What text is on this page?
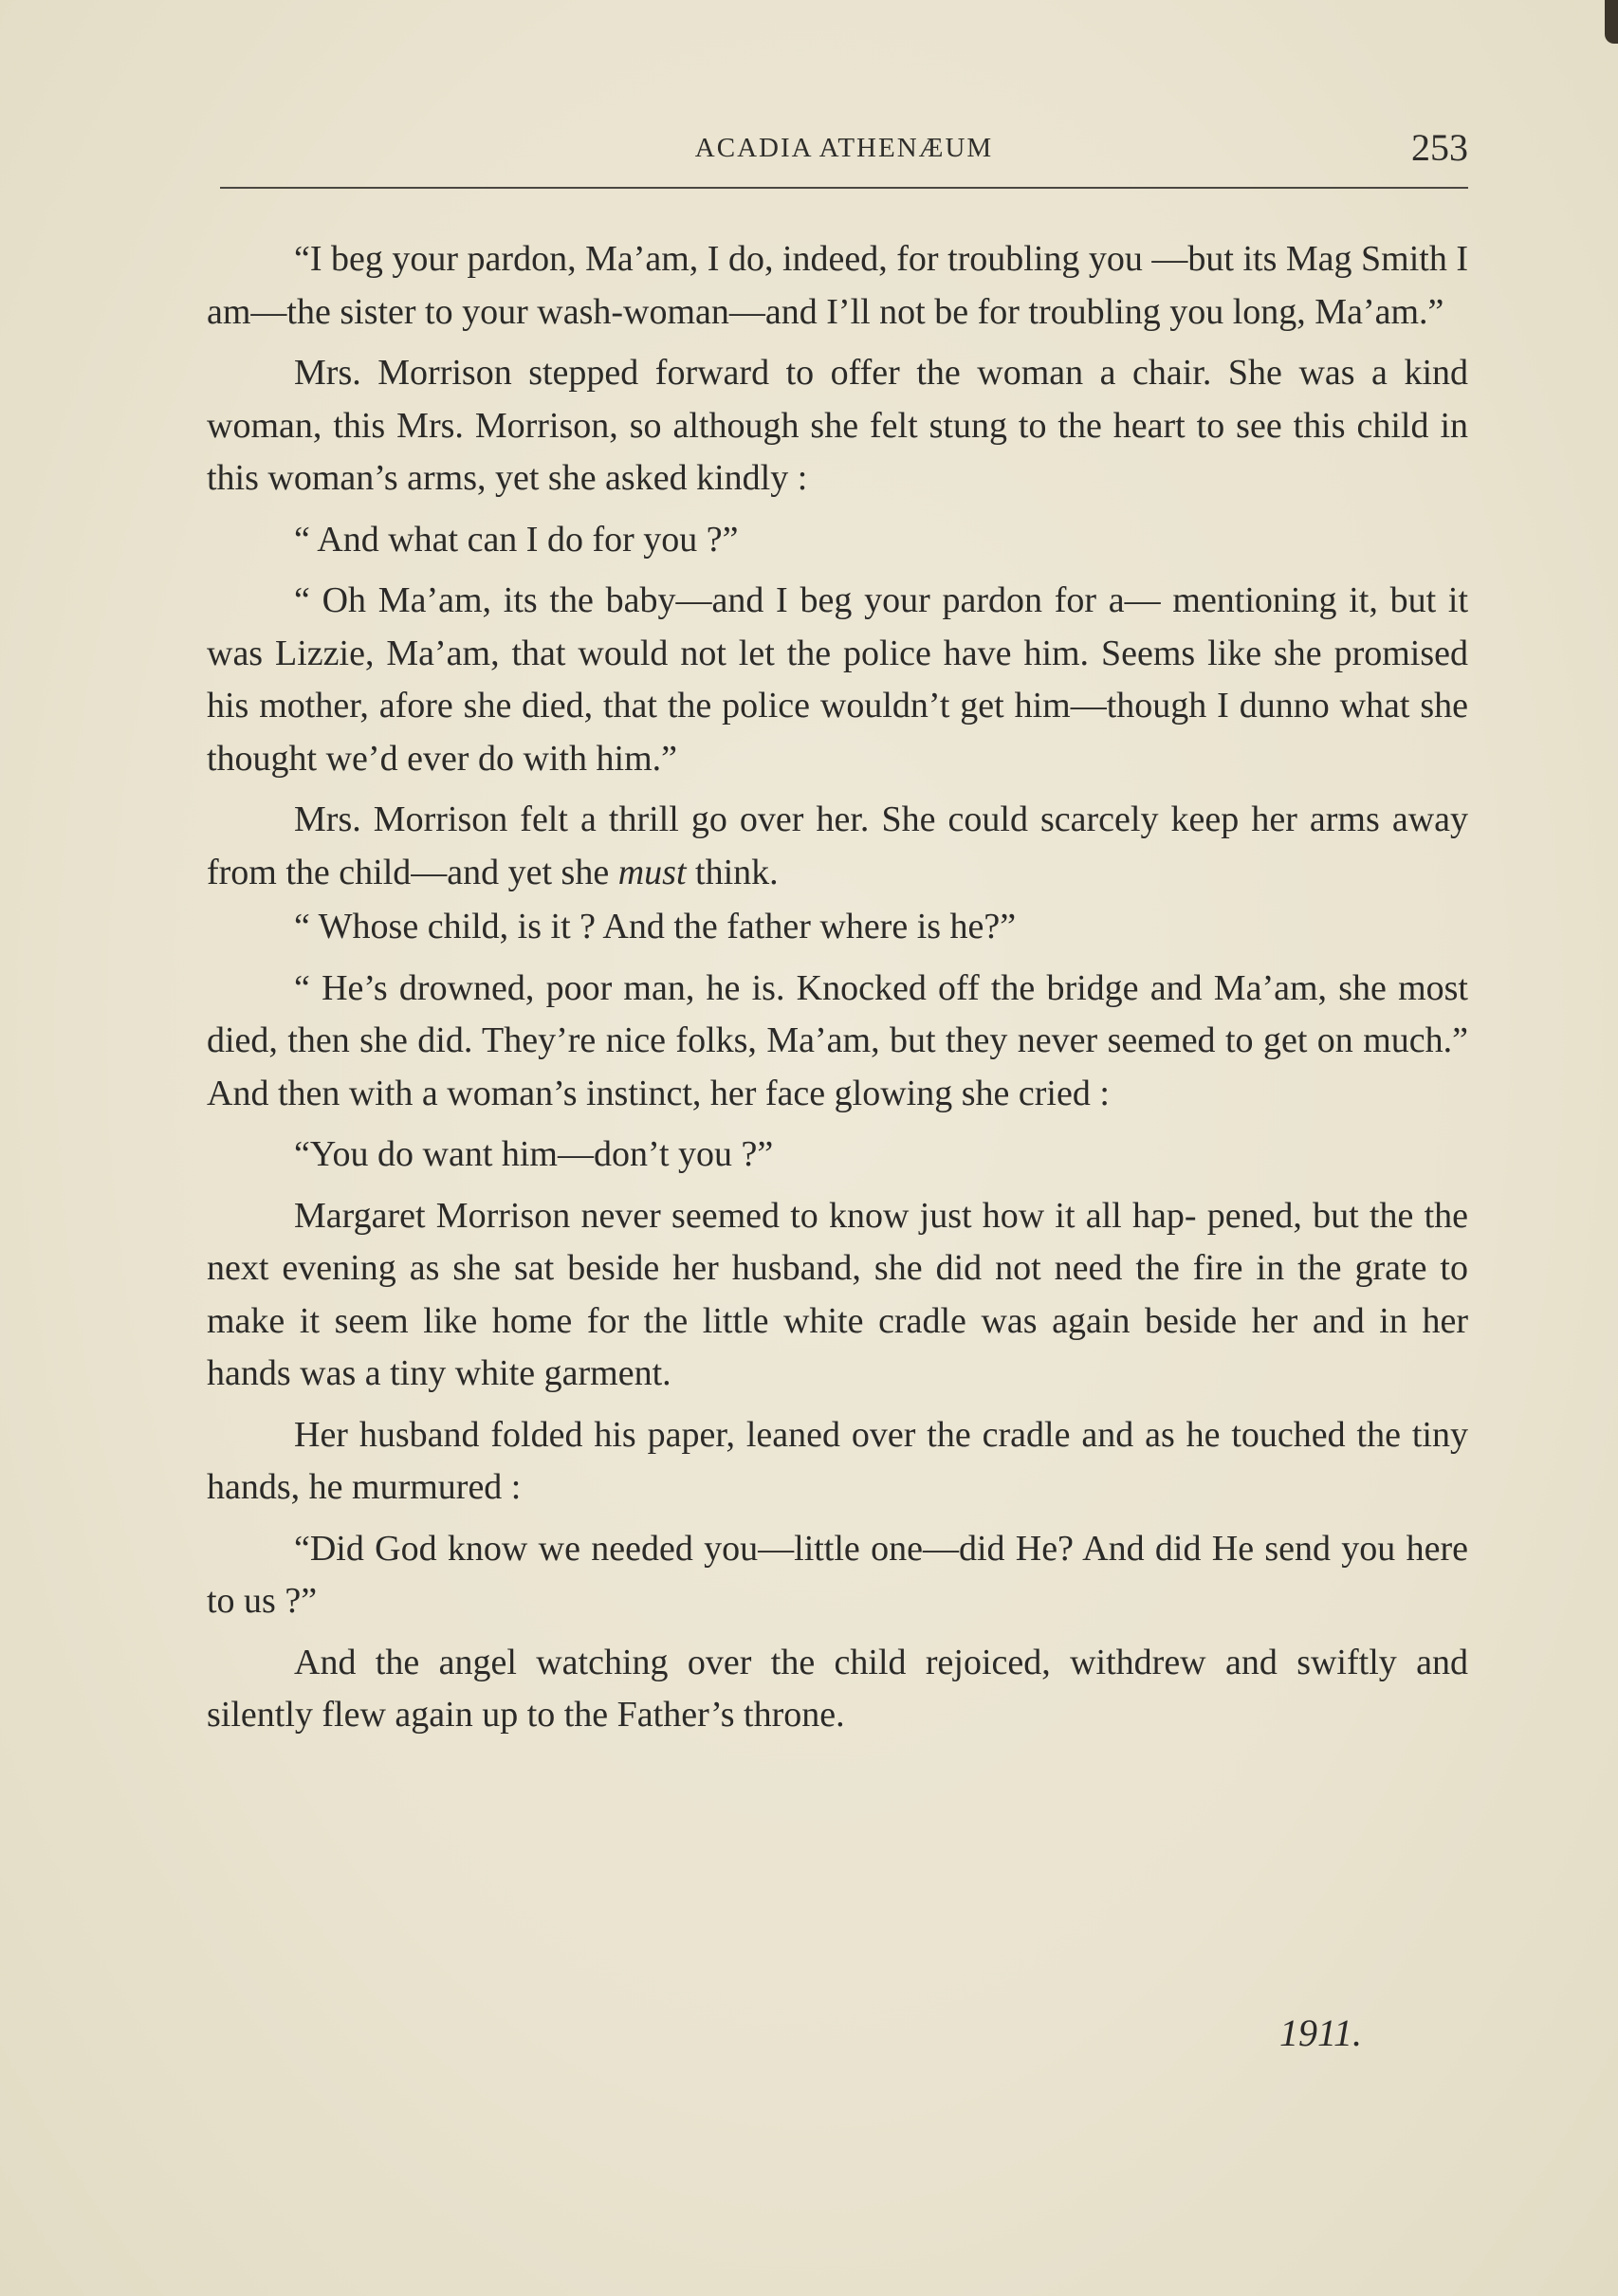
ACADIA ATHENÆUM	253

“I beg your pardon, Ma’am, I do, indeed, for troubling you —but its Mag Smith I am—the sister to your wash-woman—and I’ll not be for troubling you long, Ma’am.”

Mrs. Morrison stepped forward to offer the woman a chair. She was a kind woman, this Mrs. Morrison, so although she felt stung to the heart to see this child in this woman’s arms, yet she asked kindly :

“ And what can I do for you ?”

“ Oh Ma’am, its the baby—and I beg your pardon for a— mentioning it, but it was Lizzie, Ma’am, that would not let the police have him. Seems like she promised his mother, afore she died, that the police wouldn’t get him—though I dunno what she thought we’d ever do with him.”

Mrs. Morrison felt a thrill go over her. She could scarcely keep her arms away from the child—and yet she must think.

“ Whose child, is it ? And the father where is he?”

“ He’s drowned, poor man, he is. Knocked off the bridge and Ma’am, she most died, then she did. They’re nice folks, Ma’am, but they never seemed to get on much.” And then with a woman’s instinct, her face glowing she cried :

“You do want him—don’t you ?”

Margaret Morrison never seemed to know just how it all hap- pened, but the the next evening as she sat beside her husband, she did not need the fire in the grate to make it seem like home for the little white cradle was again beside her and in her hands was a tiny white garment.

Her husband folded his paper, leaned over the cradle and as he touched the tiny hands, he murmured :

“Did God know we needed you—little one—did He? And did He send you here to us ?”

And the angel watching over the child rejoiced, withdrew and swiftly and silently flew again up to the Father’s throne.

1911.
